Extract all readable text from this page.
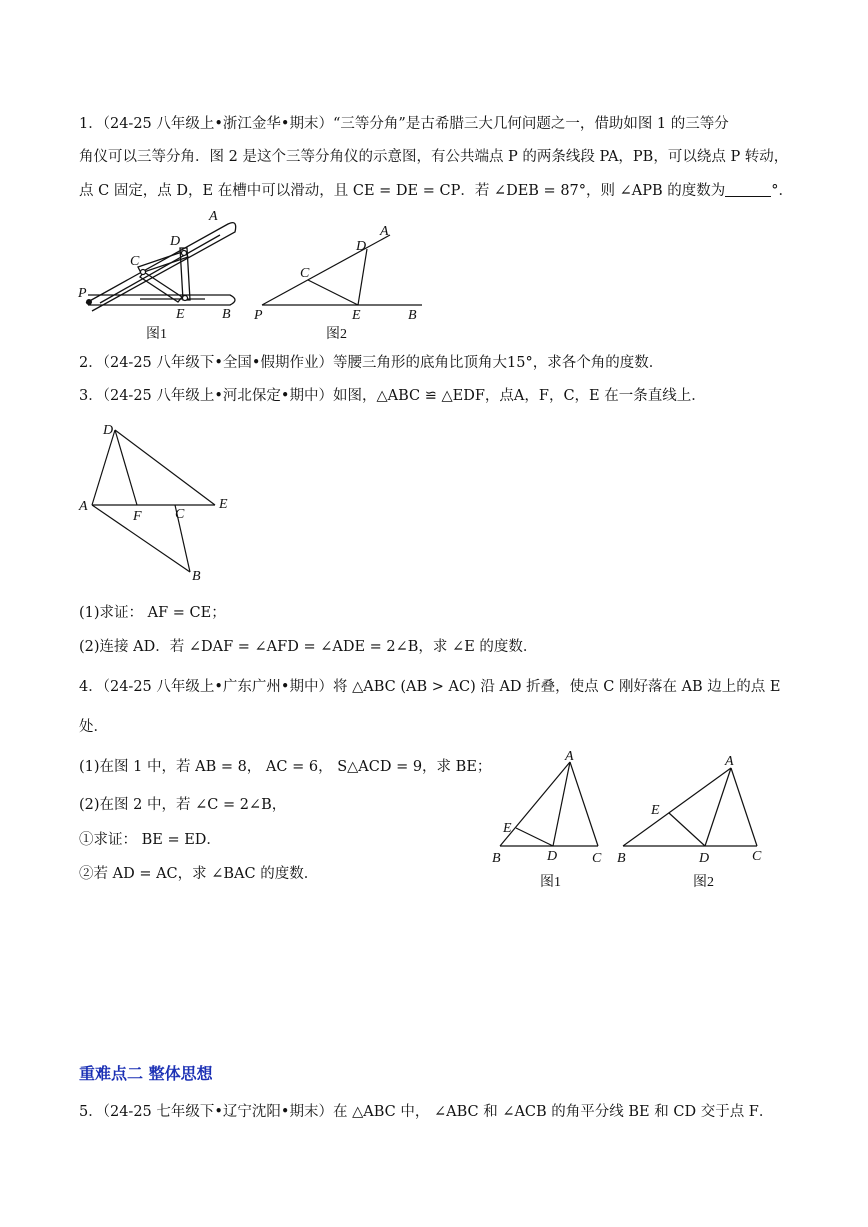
1．（24-25 八年级上•浙江金华•期末）“三等分角”是古希腊三大几何问题之一，借助如图 1 的三等分
角仪可以三等分角．图 2 是这个三等分角仪的示意图，有公共端点 P 的两条线段 PA，PB，可以绕点 P 转动，
点 C 固定，点 D，E 在槽中可以滑动，且 CE = DE = CP．若 ∠DEB = 87°，则 ∠APB 的度数为	°．
A
D
C
P
E	B
图1
A
D
C
P	E	B
图2
2．（24-25 八年级下•全国•假期作业）等腰三角形的底角比顶角大15°，求各个角的度数．
3．（24-25 八年级上•河北保定•期中）如图，△ABC ≌ △EDF，点A，F，C，E 在一条直线上．
D
A
F C
E
B
(1)求证： AF = CE；
(2)连接 AD．若 ∠DAF = ∠AFD = ∠ADE = 2∠B，求 ∠E 的度数．
4．（24-25 八年级上•广东广州•期中）将 △ABC (AB > AC) 沿 AD 折叠，使点 C 刚好落在 AB 边上的点 E
处．
(1)在图 1 中，若 AB = 8， AC = 6， S△ACD = 9，求 BE；
(2)在图 2 中，若 ∠C = 2∠B，
①求证： BE = ED．
②若 AD = AC，求 ∠BAC 的度数．
A
E
B	D C
图1
A
E
B	D	C
图2
重难点二 整体思想
5．（24-25 七年级下•辽宁沈阳•期末）在 △ABC 中， ∠ABC 和 ∠ACB 的角平分线 BE 和 CD 交于点 F．
